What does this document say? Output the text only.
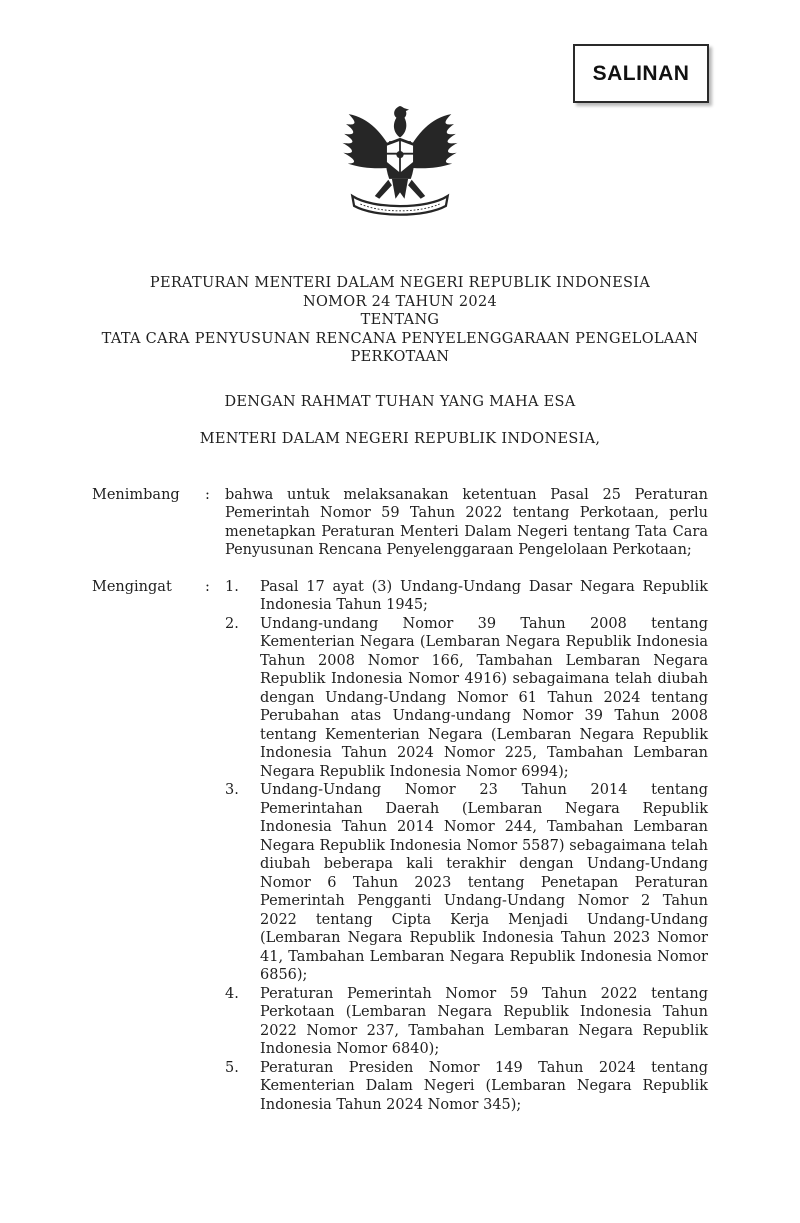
SALINAN
PERATURAN MENTERI DALAM NEGERI REPUBLIK INDONESIA
NOMOR 24 TAHUN 2024
TENTANG
TATA CARA PENYUSUNAN RENCANA PENYELENGGARAAN PENGELOLAAN
PERKOTAAN
DENGAN RAHMAT TUHAN YANG MAHA ESA
MENTERI DALAM NEGERI REPUBLIK INDONESIA,
Menimbang	:	bahwa untuk melaksanakan ketentuan Pasal 25 Peraturan Pemerintah Nomor 59 Tahun 2022 tentang Perkotaan, perlu menetapkan Peraturan Menteri Dalam Negeri tentang Tata Cara Penyusunan Rencana Penyelenggaraan Pengelolaan Perkotaan;
Mengingat	:	1.	Pasal 17 ayat (3) Undang-Undang Dasar Negara Republik Indonesia Tahun 1945;
2.	Undang-undang Nomor 39 Tahun 2008 tentang Kementerian Negara (Lembaran Negara Republik Indonesia Tahun 2008 Nomor 166, Tambahan Lembaran Negara Republik Indonesia Nomor 4916) sebagaimana telah diubah dengan Undang-Undang Nomor 61 Tahun 2024 tentang Perubahan atas Undang-undang Nomor 39 Tahun 2008 tentang Kementerian Negara (Lembaran Negara Republik Indonesia Tahun 2024 Nomor 225, Tambahan Lembaran Negara Republik Indonesia Nomor 6994);
3.	Undang-Undang Nomor 23 Tahun 2014 tentang Pemerintahan Daerah (Lembaran Negara Republik Indonesia Tahun 2014 Nomor 244, Tambahan Lembaran Negara Republik Indonesia Nomor 5587) sebagaimana telah diubah beberapa kali terakhir dengan Undang-Undang Nomor 6 Tahun 2023 tentang Penetapan Peraturan Pemerintah Pengganti Undang-Undang Nomor 2 Tahun 2022 tentang Cipta Kerja Menjadi Undang-Undang (Lembaran Negara Republik Indonesia Tahun 2023 Nomor 41, Tambahan Lembaran Negara Republik Indonesia Nomor 6856);
4.	Peraturan Pemerintah Nomor 59 Tahun 2022 tentang Perkotaan (Lembaran Negara Republik Indonesia Tahun 2022 Nomor 237, Tambahan Lembaran Negara Republik Indonesia Nomor 6840);
5.	Peraturan Presiden Nomor 149 Tahun 2024 tentang Kementerian Dalam Negeri (Lembaran Negara Republik Indonesia Tahun 2024 Nomor 345);
